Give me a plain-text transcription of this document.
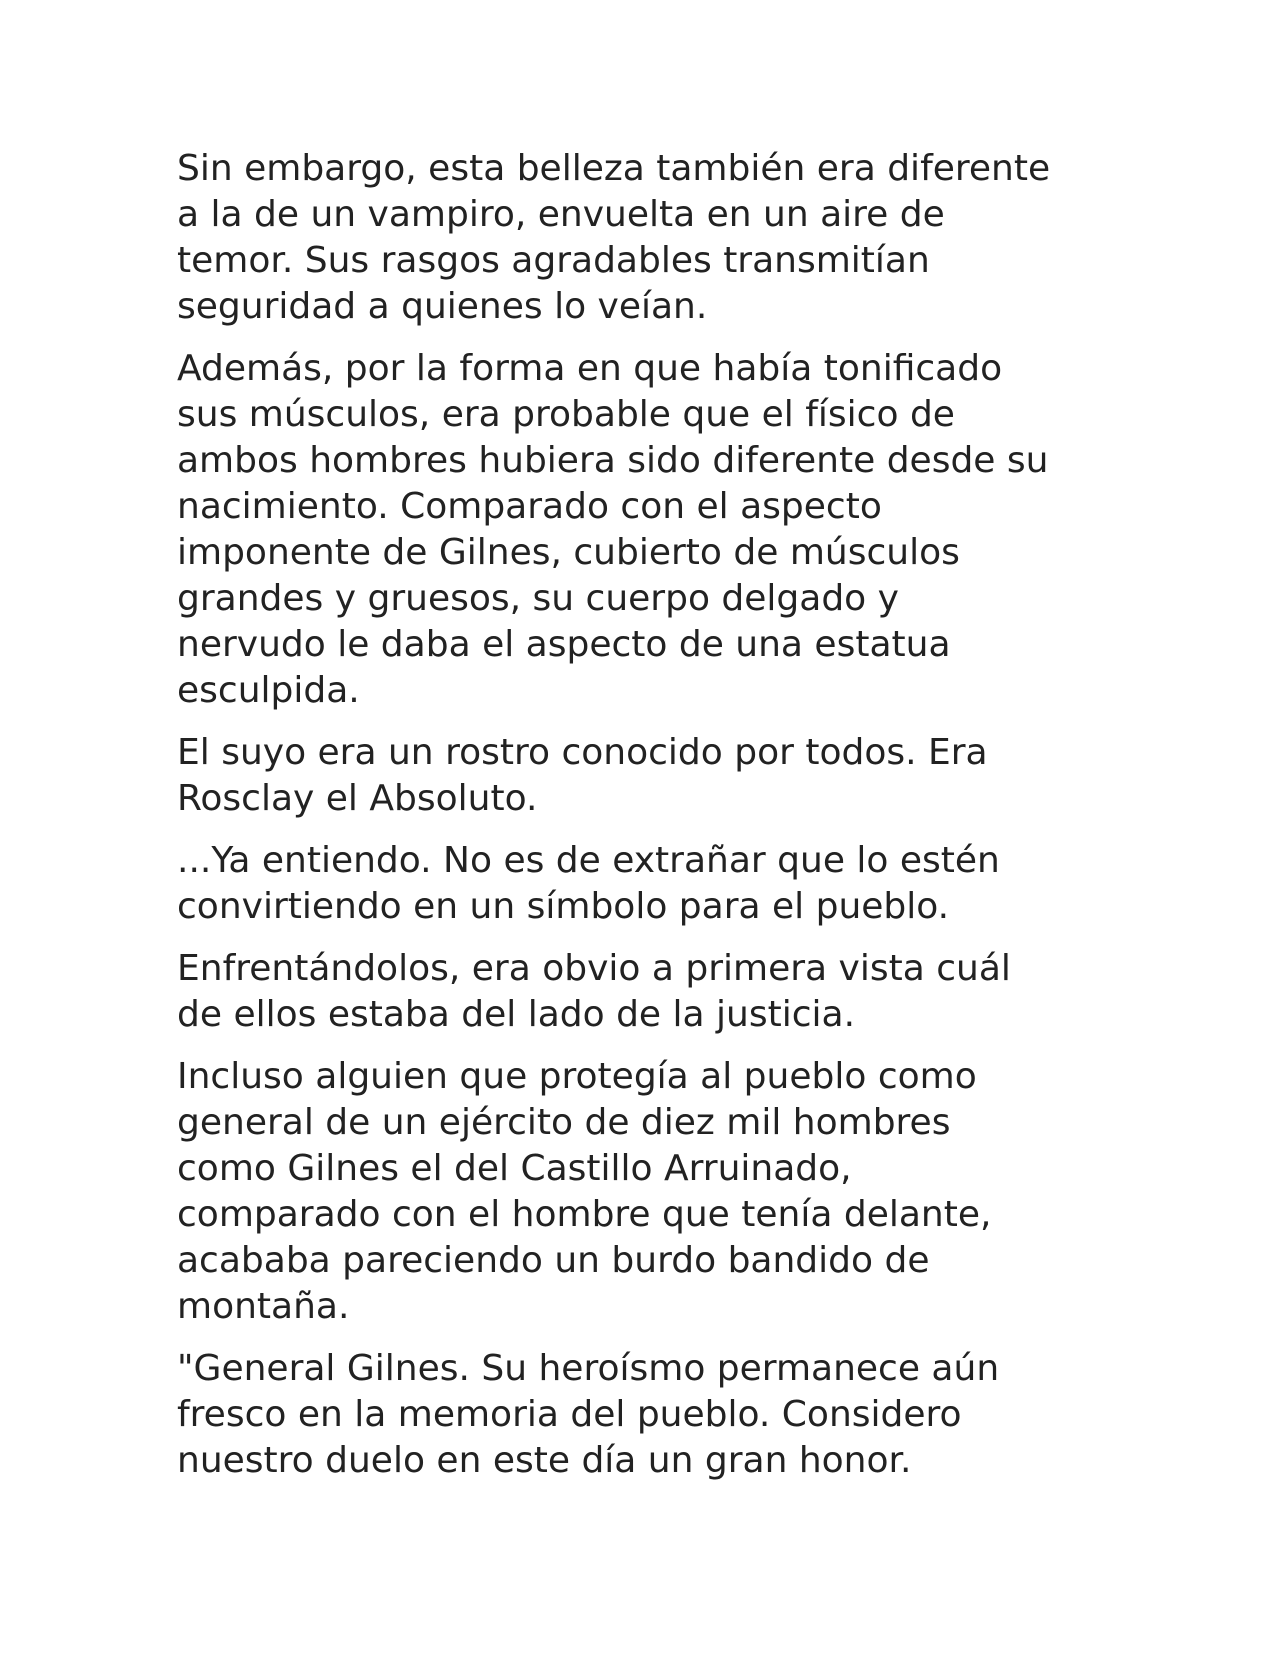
Sin embargo, esta belleza también era diferente
a la de un vampiro, envuelta en un aire de
temor. Sus rasgos agradables transmitían
seguridad a quienes lo veían.

Además, por la forma en que había tonificado
sus músculos, era probable que el físico de
ambos hombres hubiera sido diferente desde su
nacimiento. Comparado con el aspecto
imponente de Gilnes, cubierto de músculos
grandes y gruesos, su cuerpo delgado y
nervudo le daba el aspecto de una estatua
esculpida.

El suyo era un rostro conocido por todos. Era
Rosclay el Absoluto.

...Ya entiendo. No es de extrañar que lo estén
convirtiendo en un símbolo para el pueblo.

Enfrentándolos, era obvio a primera vista cuál
de ellos estaba del lado de la justicia.

Incluso alguien que protegía al pueblo como
general de un ejército de diez mil hombres
como Gilnes el del Castillo Arruinado,
comparado con el hombre que tenía delante,
acababa pareciendo un burdo bandido de
montaña.

"General Gilnes. Su heroísmo permanece aún
fresco en la memoria del pueblo. Considero
nuestro duelo en este día un gran honor.
